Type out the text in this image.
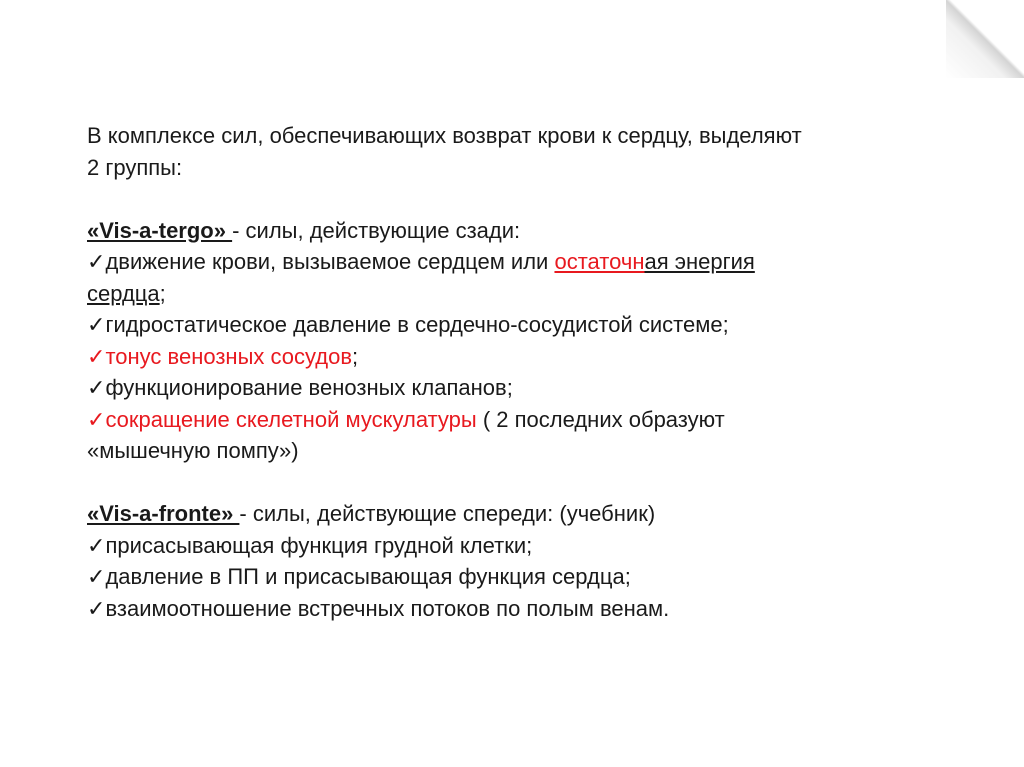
В комплексе сил, обеспечивающих возврат крови к сердцу, выделяют

2 группы:

«Vis-a-tergo» - силы, действующие сзади:

✓движение крови, вызываемое сердцем или остаточная энергия

сердца;

✓гидростатическое давление в сердечно-сосудистой системе;

✓тонус венозных сосудов;

✓функционирование венозных клапанов;

✓сокращение скелетной мускулатуры ( 2 последних образуют

«мышечную помпу»)

«Vis-a-fronte» - силы, действующие спереди: (учебник)

✓присасывающая функция грудной клетки;

✓давление в ПП и присасывающая функция сердца;

✓взаимоотношение встречных потоков по полым венам.
